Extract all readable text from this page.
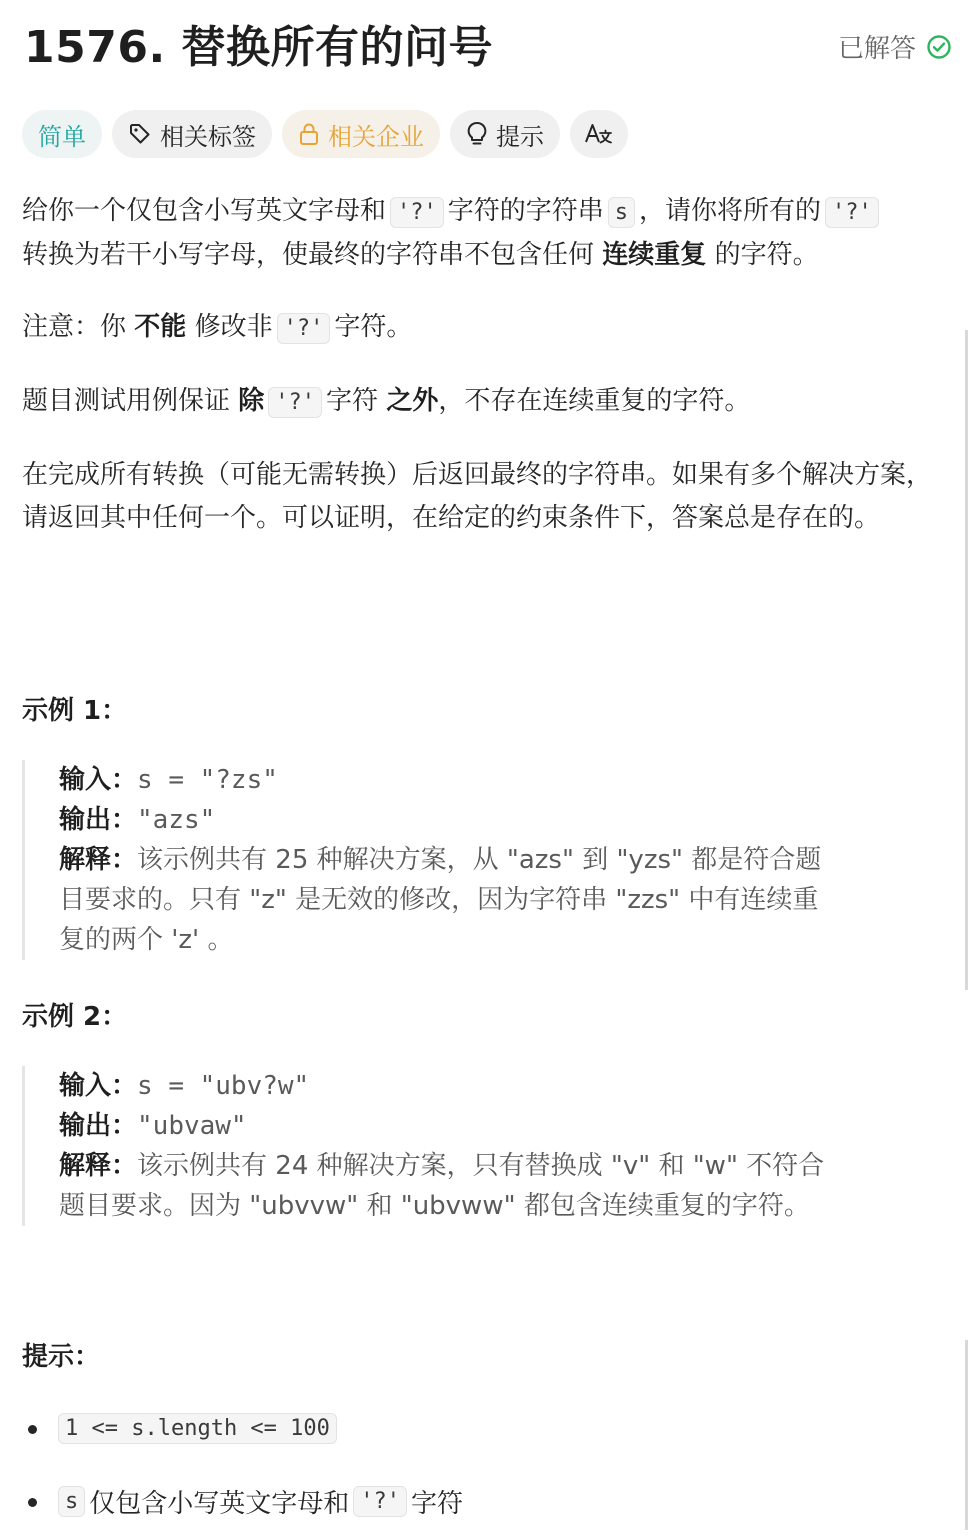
1576. 替换所有的问号	已解答
简单	相关标签	相关企业	提示

给你一个仅包含小写英文字母和 '?' 字符的字符串 s ，请你将所有的 '?'
转换为若干小写字母，使最终的字符串不包含任何 连续重复 的字符。

注意：你 不能 修改非 '?' 字符。

题目测试用例保证 除 '?' 字符 之外，不存在连续重复的字符。

在完成所有转换（可能无需转换）后返回最终的字符串。如果有多个解决方案，请返回其中任何一个。可以证明，在给定的约束条件下，答案总是存在的。

示例 1：

输入：s = "?zs"

输出："azs"

解释：该示例共有 25 种解决方案，从 "azs" 到 "yzs" 都是符合题

目要求的。只有 "z" 是无效的修改，因为字符串 "zzs" 中有连续重

复的两个 'z' 。

示例 2：

输入：s = "ubv?w"

输出："ubvaw"

解释：该示例共有 24 种解决方案，只有替换成 "v" 和 "w" 不符合

题目要求。因为 "ubvvw" 和 "ubvww" 都包含连续重复的字符。

提示：
1 <= s.length <= 100
s 仅包含小写英文字母和 '?' 字符
